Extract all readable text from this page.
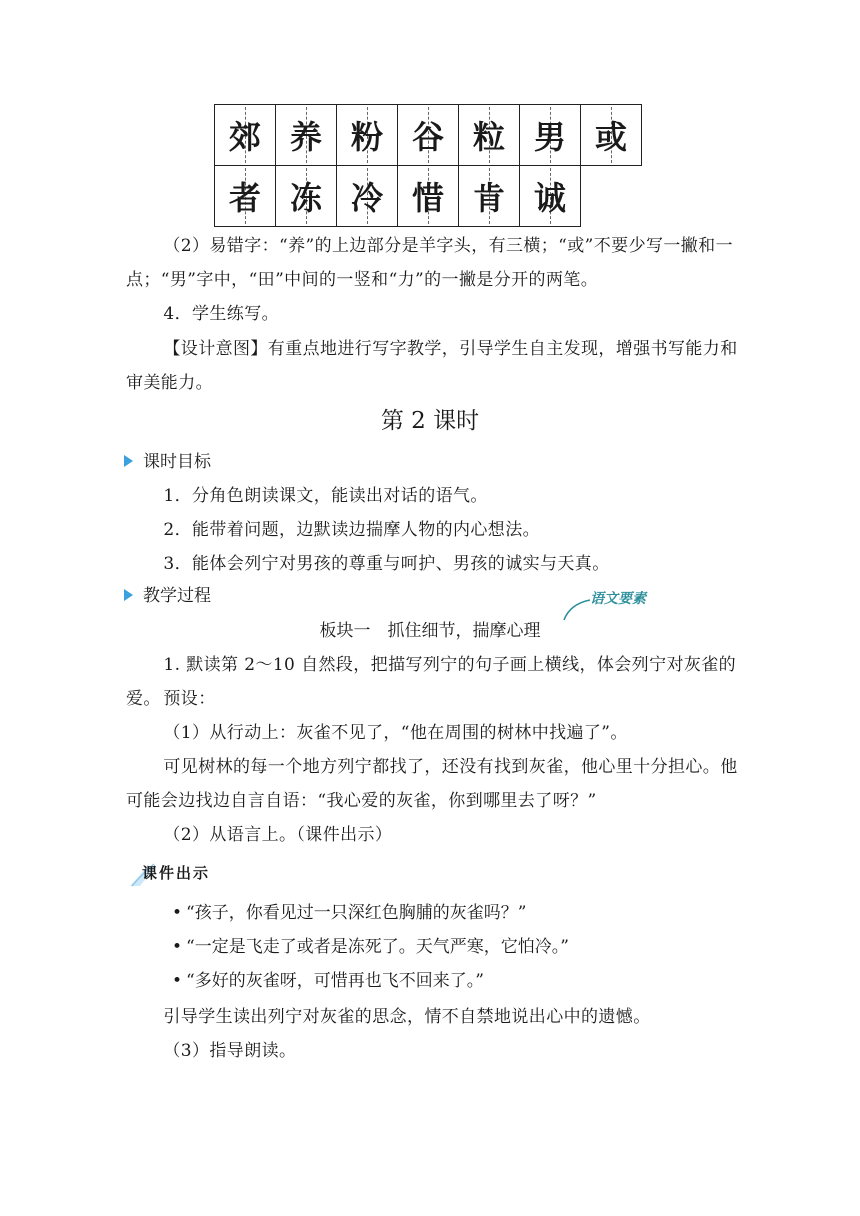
郊	养	粉	谷	粒	男	或

者	冻	冷	惜	肯	诚	
（2）易错字：“养”的上边部分是羊字头，有三横；“或”不要少写一撇和一点；“男”字中，“田”中间的一竖和“力”的一撇是分开的两笔。
4．学生练写。
【设计意图】有重点地进行写字教学，引导学生自主发现，增强书写能力和审美能力。
第 2 课时
课时目标
1．分角色朗读课文，能读出对话的语气。
2．能带着问题，边默读边揣摩人物的内心想法。
3．能体会列宁对男孩的尊重与呵护、男孩的诚实与天真。
教学过程	语文要素
板块一　抓住细节，揣摩心理
1. 默读第 2～10 自然段，把描写列宁的句子画上横线，体会列宁对灰雀的爱。 预设：
（1）从行动上：灰雀不见了，“他在周围的树林中找遍了”。
可见树林的每一个地方列宁都找了，还没有找到灰雀，他心里十分担心。他可能会边找边自言自语：“我心爱的灰雀，你到哪里去了呀？”
（2）从语言上。（课件出示）
课件出示
• “孩子，你看见过一只深红色胸脯的灰雀吗？”
• “一定是飞走了或者是冻死了。天气严寒，它怕冷。”
• “多好的灰雀呀，可惜再也飞不回来了。”
引导学生读出列宁对灰雀的思念，情不自禁地说出心中的遗憾。
（3）指导朗读。
